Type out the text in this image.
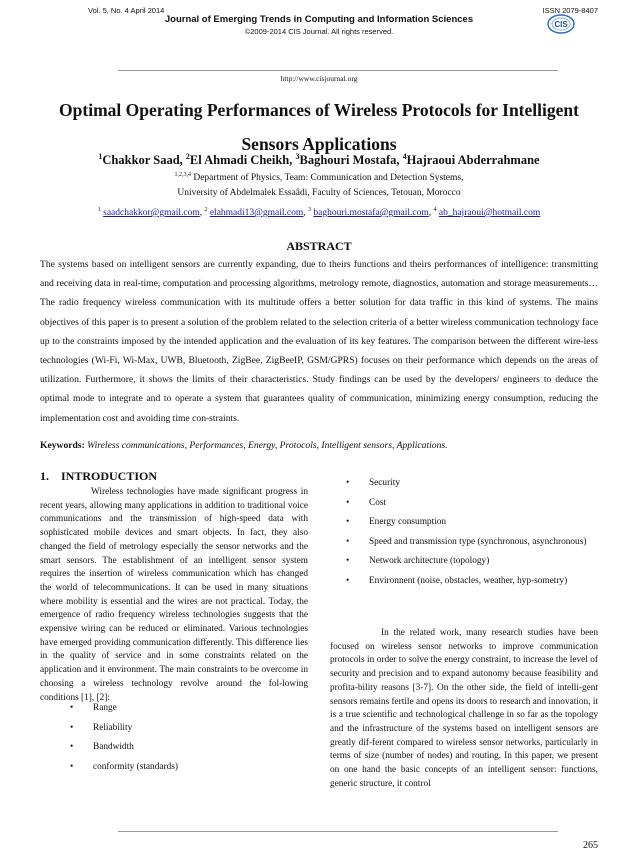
Vol. 5, No. 4 April 2014	ISSN 2079-8407
Journal of Emerging Trends in Computing and Information Sciences
©2009-2014 CIS Journal. All rights reserved.
CIS
http://www.cisjournal.org
Optimal Operating Performances of Wireless Protocols for Intelligent Sensors Applications
$^1$Chakkor Saad, $^2$El Ahmadi Cheikh, $^3$Baghouri Mostafa, $^4$Hajraoui Abderrahmane
$^{1,2,3,4}$ Department of Physics, Team: Communication and Detection Systems,
University of Abdelmalek Essaâdi, Faculty of Sciences, Tetouan, Morocco
$^1$ saadchakkor@gmail.com, $^2$ elahmadi13@gmail.com, $^3$ baghouri.mostafa@gmail.com, $^4$ ab_hajraoui@hotmail.com
ABSTRACT

The systems based on intelligent sensors are currently expanding, due to theirs functions and theirs performances of intelligence: transmitting and receiving data in real-time, computation and processing algorithms, metrology remote, diagnostics, automation and storage measurements…The radio frequency wireless communication with its multitude offers a better solution for data traffic in this kind of systems. The mains objectives of this paper is to present a solution of the problem related to the selection criteria of a better wireless communication technology face up to the constraints imposed by the intended application and the evaluation of its key features. The comparison between the different wire-less technologies (Wi-Fi, Wi-Max, UWB, Bluetooth, ZigBee, ZigBeeIP, GSM/GPRS) focuses on their performance which depends on the areas of utilization. Furthermore, it shows the limits of their characteristics. Study findings can be used by the developers/ engineers to deduce the optimal mode to integrate and to operate a system that guarantees quality of communication, minimizing energy consumption, reducing the implementation cost and avoiding time con-straints.

Keywords: Wireless communications, Performances, Energy, Protocols, Intelligent sensors, Applications.
1. INTRODUCTION

Wireless technologies have made significant progress in recent years, allowing many applications in addition to traditional voice communications and the transmission of high-speed data with sophisticated mobile devices and smart objects. In fact, they also changed the field of metrology especially the sensor networks and the smart sensors. The establishment of an intelligent sensor system requires the insertion of wireless communication which has changed the world of telecommunications. It can be used in many situations where mobility is essential and the wires are not practical. Today, the emergence of radio frequency wireless technologies suggests that the expensive wiring can be reduced or eliminated. Various technologies have emerged providing communication differently. This difference lies in the quality of service and in some constraints related on the application and it environment. The main constraints to be overcome in choosing a wireless technology revolve around the fol-lowing conditions [1], [2]:

• Range
• Reliability
• Bandwidth
• conformity (standards)
• Security
• Cost
• Energy consumption
• Speed and transmission type (synchronous, asynchronous)
• Network architecture (topology)
• Environnent (noise, obstacles, weather, hyp-sometry)

In the related work, many research studies have been focused on wireless sensor networks to improve communication protocols in order to solve the energy constraint, to increase the level of security and precision and to expand autonomy because feasibility and profita-bility reasons [3-7]. On the other side, the field of intelli-gent sensors remains fertile and opens its doors to research and innovation, it is a true scientific and technological challenge in so far as the topology and the infrastructure of the systems based on intelligent sensors are greatly dif-ferent compared to wireless sensor networks, particularly in terms of size (number of nodes) and routing. In this paper, we present on one hand the basic concepts of an intelligent sensor: functions, generic structure, it control

265
